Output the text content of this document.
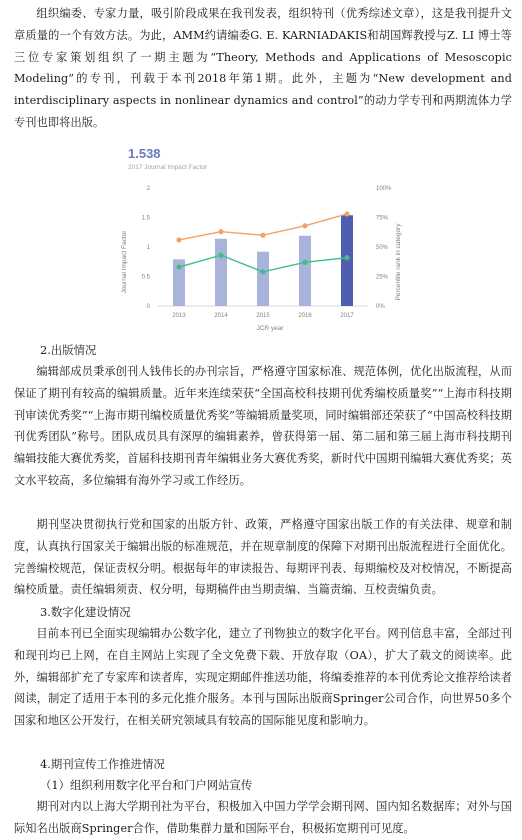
组织编委、专家力量，吸引阶段成果在我刊发表，组织特刊（优秀综述文章），这是我刊提升文章质量的一个有效方法。为此，AMM约请编委G. E. KARNIADAKIS和胡国辉教授与Z. LI 博士等三位专家策划组织了一期主题为“Theory, Methods and Applications of Mesoscopic Modeling”的专刊，刊载于本刊2018年第1期。此外，主题为“New development and interdisciplinary aspects in nonlinear dynamics and control”的动力学专刊和两期流体力学专刊也即将出版。

1.538
2017 Journal Impact Factor
0
0.5
1
1.5
2
0%
25%
50%
75%
100%
2013	2014	2015	2016	2017
Journal Impact Factor	Percentile rank in category
JCR year

2.出版情况

编辑部成员秉承创刊人钱伟长的办刊宗旨，严格遵守国家标准、规范体例，优化出版流程，从而保证了期刊有较高的编辑质量。近年来连续荣获“全国高校科技期刊优秀编校质量奖”“上海市科技期刊审读优秀奖”“上海市期刊编校质量优秀奖”等编辑质量奖项，同时编辑部还荣获了“中国高校科技期刊优秀团队”称号。团队成员具有深厚的编辑素养，曾获得第一届、第二届和第三届上海市科技期刊编辑技能大赛优秀奖，首届科技期刊青年编辑业务大赛优秀奖，新时代中国期刊编辑大赛优秀奖；英文水平较高，多位编辑有海外学习或工作经历。

期刊坚决贯彻执行党和国家的出版方针、政策，严格遵守国家出版工作的有关法律、规章和制度，认真执行国家关于编辑出版的标准规范，并在规章制度的保障下对期刊出版流程进行全面优化。完善编校规范，保证责权分明。根据每年的审读报告、每期评刊表、每期编校及对校情况，不断提高编校质量。责任编辑须责、权分明，每期稿件由当期责编、当篇责编、互校责编负责。

3.数字化建设情况

目前本刊已全面实现编辑办公数字化，建立了刊物独立的数字化平台。网刊信息丰富，全部过刊和现刊均已上网，在自主网站上实现了全文免费下载、开放存取（OA），扩大了载文的阅读率。此外，编辑部扩充了专家库和读者库，实现定期邮件推送功能，将编委推荐的本刊优秀论文推荐给读者阅读，制定了适用于本刊的多元化推介服务。本刊与国际出版商Springer公司合作，向世界50多个国家和地区公开发行，在相关研究领域具有较高的国际能见度和影响力。

4.期刊宣传工作推进情况

（1）组织利用数字化平台和门户网站宣传

期刊对内以上海大学期刊社为平台，积极加入中国力学学会期刊网、国内知名数据库；对外与国际知名出版商Springer合作，借助集群力量和国际平台，积极拓宽期刊可见度。
